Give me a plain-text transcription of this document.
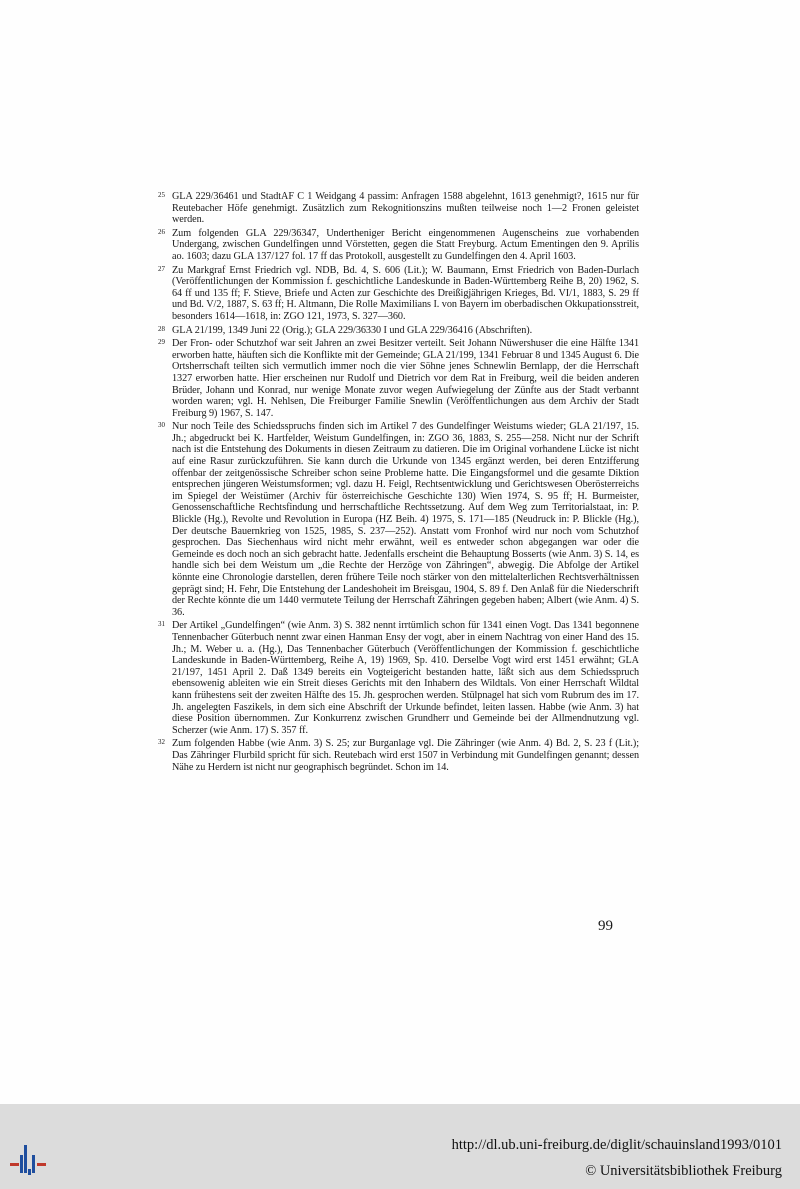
25 GLA 229/36461 und StadtAF C 1 Weidgang 4 passim: Anfragen 1588 abgelehnt, 1613 genehmigt?, 1615 nur für Reutebacher Höfe genehmigt. Zusätzlich zum Rekognitionszins mußten teilweise noch 1—2 Fronen geleistet werden.
26 Zum folgenden GLA 229/36347, Undertheniger Bericht eingenommenen Augenscheins zue vorhabenden Undergang, zwischen Gundelfingen unnd Vörstetten, gegen die Statt Freyburg. Actum Ementingen den 9. Aprilis ao. 1603; dazu GLA 137/127 fol. 17 ff das Protokoll, ausgestellt zu Gundelfingen den 4. April 1603.
27 Zu Markgraf Ernst Friedrich vgl. NDB, Bd. 4, S. 606 (Lit.); W. Baumann, Ernst Friedrich von Baden-Durlach (Veröffentlichungen der Kommission f. geschichtliche Landeskunde in Baden-Württemberg Reihe B, 20) 1962, S. 64 ff und 135 ff; F. Stieve, Briefe und Acten zur Geschichte des Dreißigjährigen Krieges, Bd. VI/1, 1883, S. 29 ff und Bd. V/2, 1887, S. 63 ff; H. Altmann, Die Rolle Maximilians I. von Bayern im oberbadischen Okkupationsstreit, besonders 1614—1618, in: ZGO 121, 1973, S. 327—360.
28 GLA 21/199, 1349 Juni 22 (Orig.); GLA 229/36330 I und GLA 229/36416 (Abschriften).
29 Der Fron- oder Schutzhof war seit Jahren an zwei Besitzer verteilt. Seit Johann Nüwershuser die eine Hälfte 1341 erworben hatte, häuften sich die Konflikte mit der Gemeinde; GLA 21/199, 1341 Februar 8 und 1345 August 6. Die Ortsherrschaft teilten sich vermutlich immer noch die vier Söhne jenes Schnewlin Bernlapp, der die Herrschaft 1327 erworben hatte. Hier erscheinen nur Rudolf und Dietrich vor dem Rat in Freiburg, weil die beiden anderen Brüder, Johann und Konrad, nur wenige Monate zuvor wegen Aufwiegelung der Zünfte aus der Stadt verbannt worden waren; vgl. H. Nehlsen, Die Freiburger Familie Snewlin (Veröffentlichungen aus dem Archiv der Stadt Freiburg 9) 1967, S. 147.
30 Nur noch Teile des Schiedsspruchs finden sich im Artikel 7 des Gundelfinger Weistums wieder; GLA 21/197, 15. Jh.; abgedruckt bei K. Hartfelder, Weistum Gundelfingen, in: ZGO 36, 1883, S. 255—258. Nicht nur der Schrift nach ist die Entstehung des Dokuments in diesen Zeitraum zu datieren. Die im Original vorhandene Lücke ist nicht auf eine Rasur zurückzuführen. Sie kann durch die Urkunde von 1345 ergänzt werden, bei deren Entzifferung offenbar der zeitgenössische Schreiber schon seine Probleme hatte. Die Eingangsformel und die gesamte Diktion entsprechen jüngeren Weistumsformen; vgl. dazu H. Feigl, Rechtsentwicklung und Gerichtswesen Oberösterreichs im Spiegel der Weistümer (Archiv für österreichische Geschichte 130) Wien 1974, S. 95 ff; H. Burmeister, Genossenschaftliche Rechtsfindung und herrschaftliche Rechtssetzung. Auf dem Weg zum Territorialstaat, in: P. Blickle (Hg.), Revolte und Revolution in Europa (HZ Beih. 4) 1975, S. 171—185 (Neudruck in: P. Blickle (Hg.), Der deutsche Bauernkrieg von 1525, 1985, S. 237—252). Anstatt vom Fronhof wird nur noch vom Schutzhof gesprochen. Das Siechenhaus wird nicht mehr erwähnt, weil es entweder schon abgegangen war oder die Gemeinde es doch noch an sich gebracht hatte. Jedenfalls erscheint die Behauptung Bosserts (wie Anm. 3) S. 14, es handle sich bei dem Weistum um „die Rechte der Herzöge von Zähringen“, abwegig. Die Abfolge der Artikel könnte eine Chronologie darstellen, deren frühere Teile noch stärker von den mittelalterlichen Rechtsverhältnissen geprägt sind; H. Fehr, Die Entstehung der Landeshoheit im Breisgau, 1904, S. 89 f. Den Anlaß für die Niederschrift der Rechte könnte die um 1440 vermutete Teilung der Herrschaft Zähringen gegeben haben; Albert (wie Anm. 4) S. 36.
31 Der Artikel „Gundelfingen“ (wie Anm. 3) S. 382 nennt irrtümlich schon für 1341 einen Vogt. Das 1341 begonnene Tennenbacher Güterbuch nennt zwar einen Hanman Ensy der vogt, aber in einem Nachtrag von einer Hand des 15. Jh.; M. Weber u. a. (Hg.), Das Tennenbacher Güterbuch (Veröffentlichungen der Kommission f. geschichtliche Landeskunde in Baden-Württemberg, Reihe A, 19) 1969, Sp. 410. Derselbe Vogt wird erst 1451 erwähnt; GLA 21/197, 1451 April 2. Daß 1349 bereits ein Vogteigericht bestanden hatte, läßt sich aus dem Schiedsspruch ebensowenig ableiten wie ein Streit dieses Gerichts mit den Inhabern des Wildtals. Von einer Herrschaft Wildtal kann frühestens seit der zweiten Hälfte des 15. Jh. gesprochen werden. Stülpnagel hat sich vom Rubrum des im 17. Jh. angelegten Faszikels, in dem sich eine Abschrift der Urkunde befindet, leiten lassen. Habbe (wie Anm. 3) hat diese Position übernommen. Zur Konkurrenz zwischen Grundherr und Gemeinde bei der Allmendnutzung vgl. Scherzer (wie Anm. 17) S. 357 ff.
32 Zum folgenden Habbe (wie Anm. 3) S. 25; zur Burganlage vgl. Die Zähringer (wie Anm. 4) Bd. 2, S. 23 f (Lit.); Das Zähringer Flurbild spricht für sich. Reutebach wird erst 1507 in Verbindung mit Gundelfingen genannt; dessen Nähe zu Herdern ist nicht nur geographisch begründet. Schon im 14.
99
http://dl.ub.uni-freiburg.de/diglit/schauinsland1993/0101
© Universitätsbibliothek Freiburg
